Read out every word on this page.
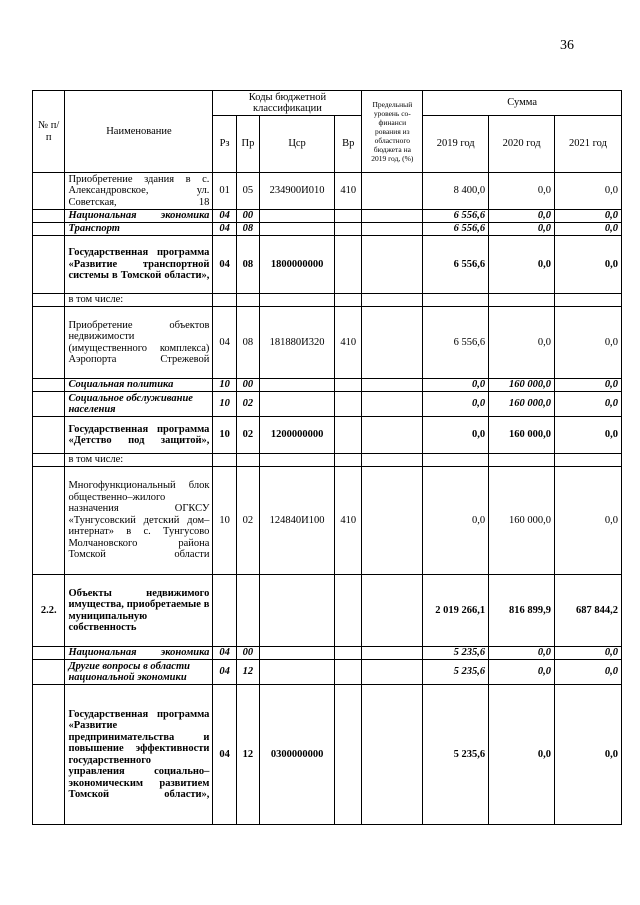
36
№ п/п	Наименование	Коды бюджетной классификации				Предельный уровень со-финанси рования из областного бюджета на 2019 год, (%)	Сумма		
		Рз	Пр	Цср	Вр		2019 год	2020 год	2021 год
	Приобретение здания в с. Александровское, ул. Советская, 18	01	05	234900И010	410		8 400,0	0,0	0,0
	Национальная экономика	04	00				6 556,6	0,0	0,0
	Транспорт	04	08				6 556,6	0,0	0,0
	Государственная программа «Развитие транспортной системы в Томской области»,	04	08	1800000000			6 556,6	0,0	0,0
	в том числе:								
	Приобретение объектов недвижимости (имущественного комплекса) Аэропорта Стрежевой	04	08	181880И320	410		6 556,6	0,0	0,0
	Социальная политика	10	00				0,0	160 000,0	0,0
	Социальное обслуживание населения	10	02				0,0	160 000,0	0,0
	Государственная программа «Детство под защитой»,	10	02	1200000000			0,0	160 000,0	0,0
	в том числе:								
	Многофункциональный блок общественно–жилого назначения ОГКСУ «Тунгусовский детский дом–интернат» в с. Тунгусово Молчановского района Томской области	10	02	124840И100	410		0,0	160 000,0	0,0
2.2.	Объекты недвижимого имущества, приобретаемые в муниципальную собственность						2 019 266,1	816 899,9	687 844,2
	Национальная экономика	04	00				5 235,6	0,0	0,0
	Другие вопросы в области национальной экономики	04	12				5 235,6	0,0	0,0
	Государственная программа «Развитие предпринимательства и повышение эффективности государственного управления социально–экономическим развитием Томской области»,	04	12	0300000000			5 235,6	0,0	0,0
